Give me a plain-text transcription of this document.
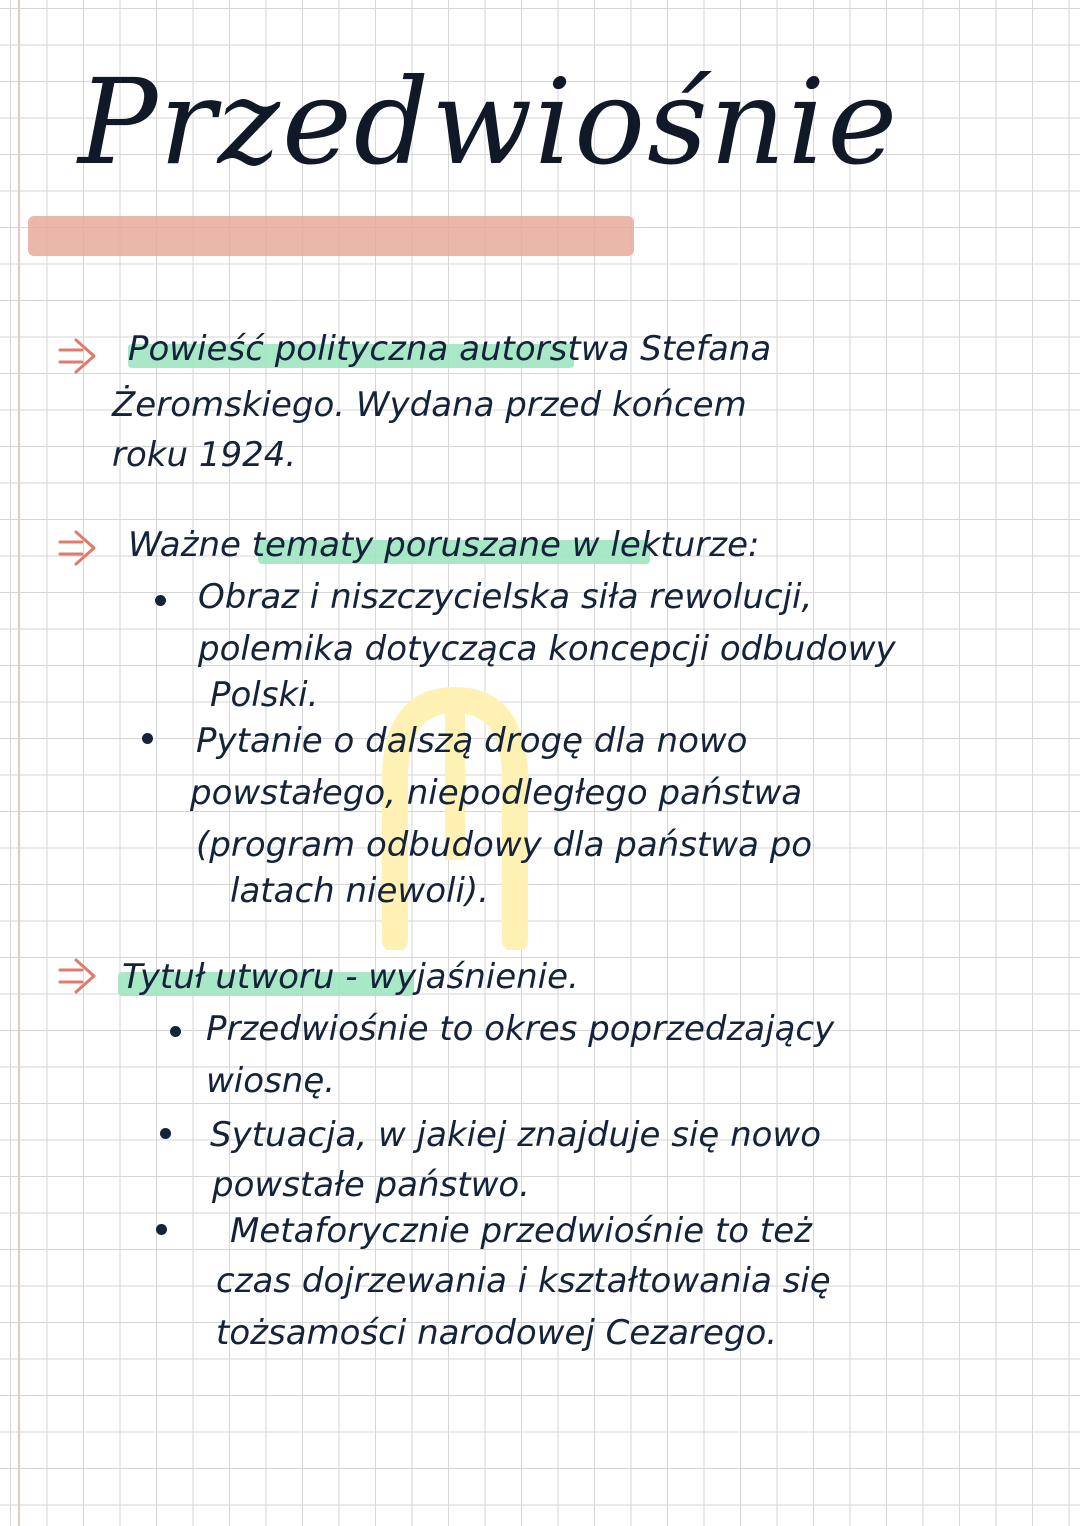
Przedwiośnie

Powieść polityczna autorstwa Stefana

Żeromskiego. Wydana przed końcem

roku 1924.

Ważne tematy poruszane w lekturze:

Obraz i niszczycielska siła rewolucji,

polemika dotycząca koncepcji odbudowy

Polski.

Pytanie o dalszą drogę dla nowo

powstałego, niepodległego państwa

(program odbudowy dla państwa po

latach niewoli).

Tytuł utworu - wyjaśnienie.

Przedwiośnie to okres poprzedzający

wiosnę.

Sytuacja, w jakiej znajduje się nowo

powstałe państwo.

Metaforycznie przedwiośnie to też

czas dojrzewania i kształtowania się

tożsamości narodowej Cezarego.
